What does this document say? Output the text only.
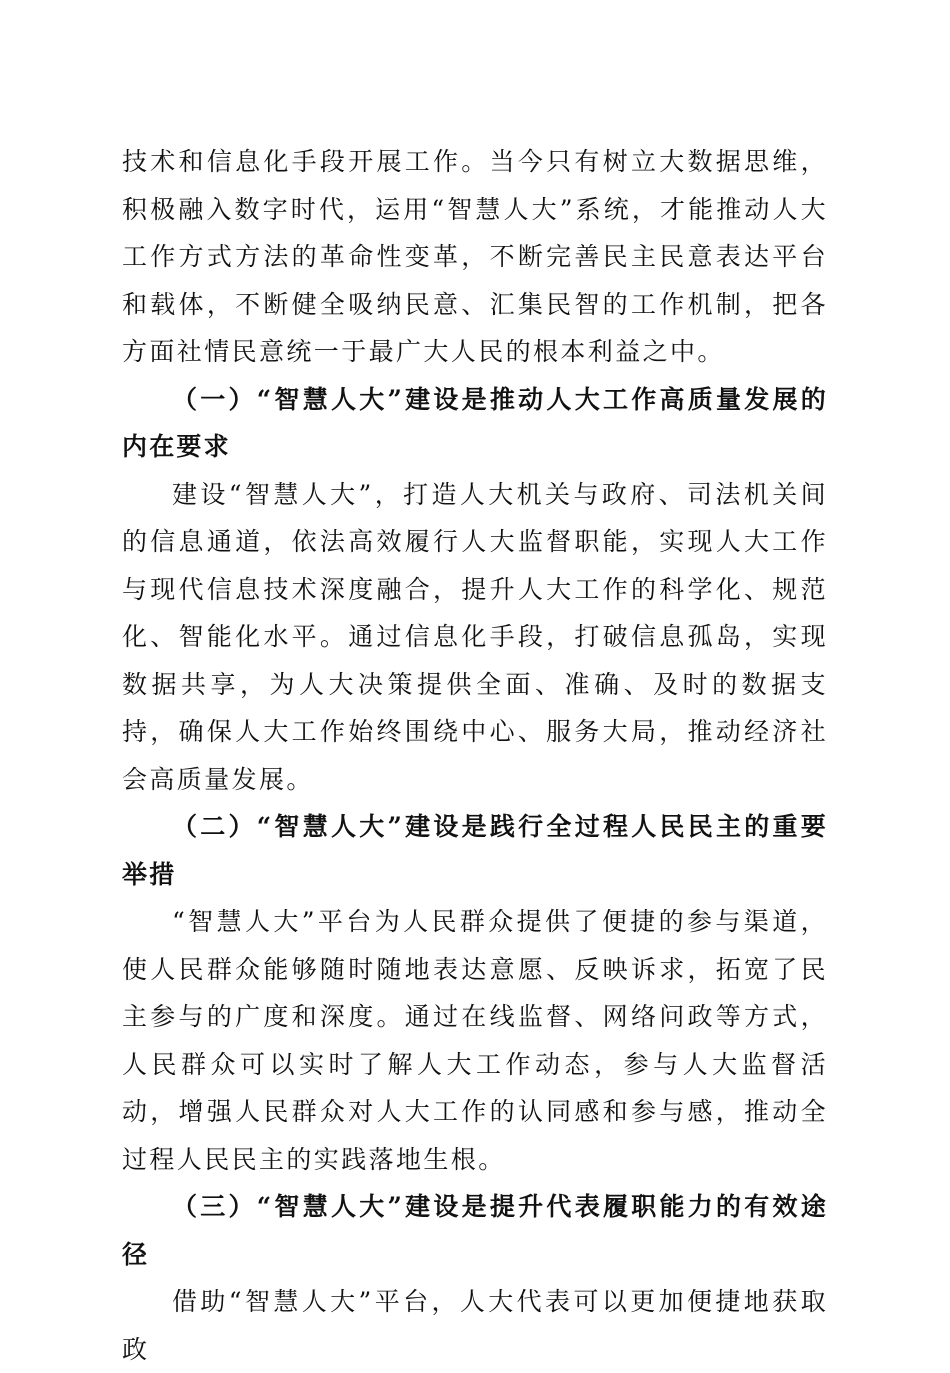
技术和信息化手段开展工作。当今只有树立大数据思维，积极融入数字时代，运用“智慧人大”系统，才能推动人大工作方式方法的革命性变革，不断完善民主民意表达平台和载体，不断健全吸纳民意、汇集民智的工作机制，把各方面社情民意统一于最广大人民的根本利益之中。

（一）“智慧人大”建设是推动人大工作高质量发展的内在要求

建设“智慧人大”，打造人大机关与政府、司法机关间的信息通道，依法高效履行人大监督职能，实现人大工作与现代信息技术深度融合，提升人大工作的科学化、规范化、智能化水平。通过信息化手段，打破信息孤岛，实现数据共享，为人大决策提供全面、准确、及时的数据支持，确保人大工作始终围绕中心、服务大局，推动经济社会高质量发展。

（二）“智慧人大”建设是践行全过程人民民主的重要举措

“智慧人大”平台为人民群众提供了便捷的参与渠道，使人民群众能够随时随地表达意愿、反映诉求，拓宽了民主参与的广度和深度。通过在线监督、网络问政等方式，人民群众可以实时了解人大工作动态，参与人大监督活动，增强人民群众对人大工作的认同感和参与感，推动全过程人民民主的实践落地生根。

（三）“智慧人大”建设是提升代表履职能力的有效途径

借助“智慧人大”平台，人大代表可以更加便捷地获取政
